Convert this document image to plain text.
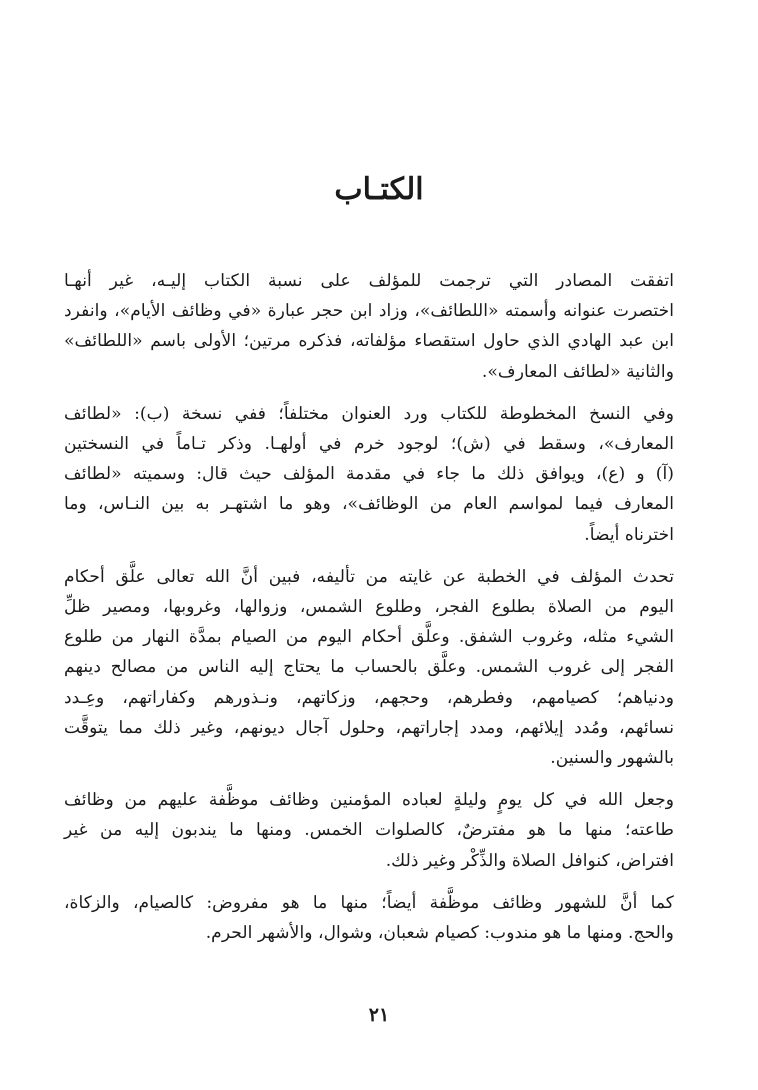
الكتـاب
اتفقت المصادر التي ترجمت للمؤلف على نسبة الكتاب إليـه، غير أنهـا
اختصرت عنوانه وأسمته «اللطائف»، وزاد ابن حجر عبارة «في وظائف الأيام»، وانفرد
ابن عبد الهادي الذي حاول استقصاء مؤلفاته، فذكره مرتين؛ الأولى باسم «اللطائف»
والثانية «لطائف المعارف».
وفي النسخ المخطوطة للكتاب ورد العنوان مختلفاً؛ ففي نسخة (ب): «لطائف
المعارف»، وسقط في (ش)؛ لوجود خرم في أولهـا. وذكر تـاماً في النسختين
(آ) و (ع)، ويوافق ذلك ما جاء في مقدمة المؤلف حيث قال: وسميته «لطائف
المعارف فيما لمواسم العام من الوظائف»، وهو ما اشتهـر به بين النـاس، وما
اخترناه أيضاً.
تحدث المؤلف في الخطبة عن غايته من تأليفه، فبين أنَّ الله تعالى علَّق أحكام
اليوم من الصلاة بطلوع الفجر، وطلوع الشمس، وزوالها، وغروبها، ومصير ظلِّ
الشيء مثله، وغروب الشفق. وعلَّق أحكام اليوم من الصيام بمدَّة النهار من طلوع
الفجر إلى غروب الشمس. وعلَّق بالحساب ما يحتاج إليه الناس من مصالح دينهم
ودنياهم؛ كصيامهم، وفطرهم، وحجهم، وزكاتهم، ونـذورهم وكفاراتهم، وعِـدد
نسائهم، ومُدد إيلائهم، ومدد إجاراتهم، وحلول آجال ديونهم، وغير ذلك مما يتوقَّت
بالشهور والسنين.
وجعل الله في كل يومٍ وليلةٍ لعباده المؤمنين وظائف موظَّفة عليهم من وظائف
طاعته؛ منها ما هو مفترضٌ، كالصلوات الخمس. ومنها ما يندبون إليه من غير
افتراض، كنوافل الصلاة والذِّكْر وغير ذلك.
كما أنَّ للشهور وظائف موظَّفة أيضاً؛ منها ما هو مفروض: كالصيام، والزكاة،
والحج. ومنها ما هو مندوب: كصيام شعبان، وشوال، والأشهر الحرم.
٢١
